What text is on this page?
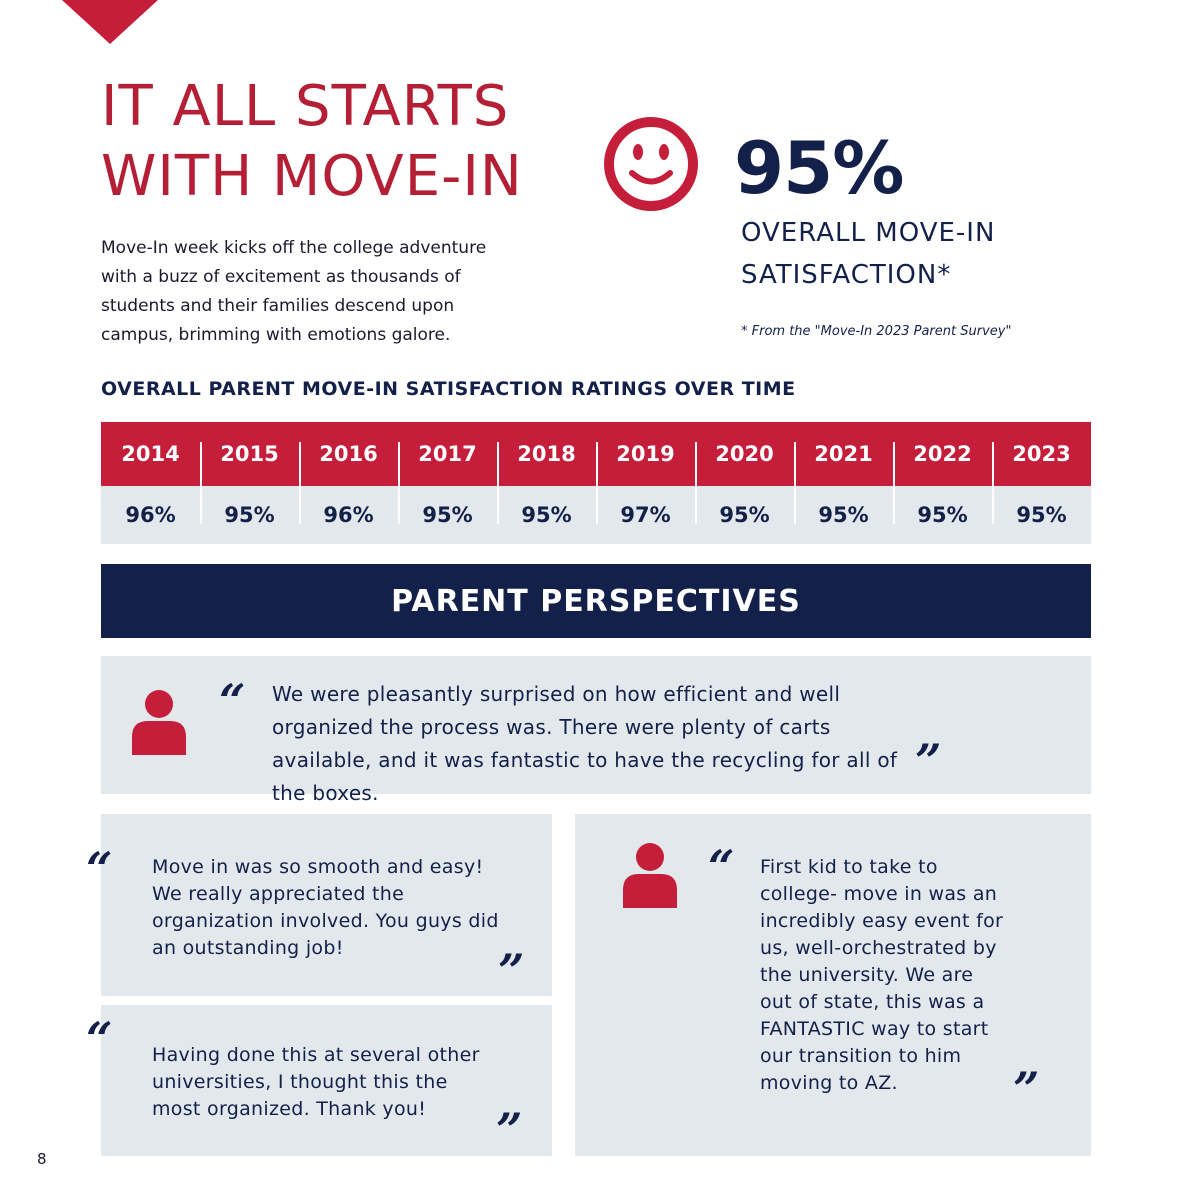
IT ALL STARTS
WITH MOVE-IN

Move-In week kicks off the college adventure with a buzz of excitement as thousands of students and their families descend upon campus, brimming with emotions galore.

95%
OVERALL MOVE-IN
SATISFACTION*
* From the "Move-In 2023 Parent Survey"
OVERALL PARENT MOVE-IN SATISFACTION RATINGS OVER TIME
2014	2015	2016	2017	2018	2019	2020	2021	2022	2023
96%	95%	96%	95%	95%	97%	95%	95%	95%	95%
PARENT PERSPECTIVES
“ We were pleasantly surprised on how efficient and well organized the process was. There were plenty of carts available, and it was fantastic to have the recycling for all of the boxes.

”

Move in was so smooth and easy! We really appreciated the organization involved. You guys did an outstanding job!	”
“

Having done this at several other universities, I thought this the most organized. Thank you!	”
“
“ First kid to take to college- move in was an incredibly easy event for us, well-orchestrated by the university. We are out of state, this was a FANTASTIC way to start our transition to him moving to AZ.	”
8
